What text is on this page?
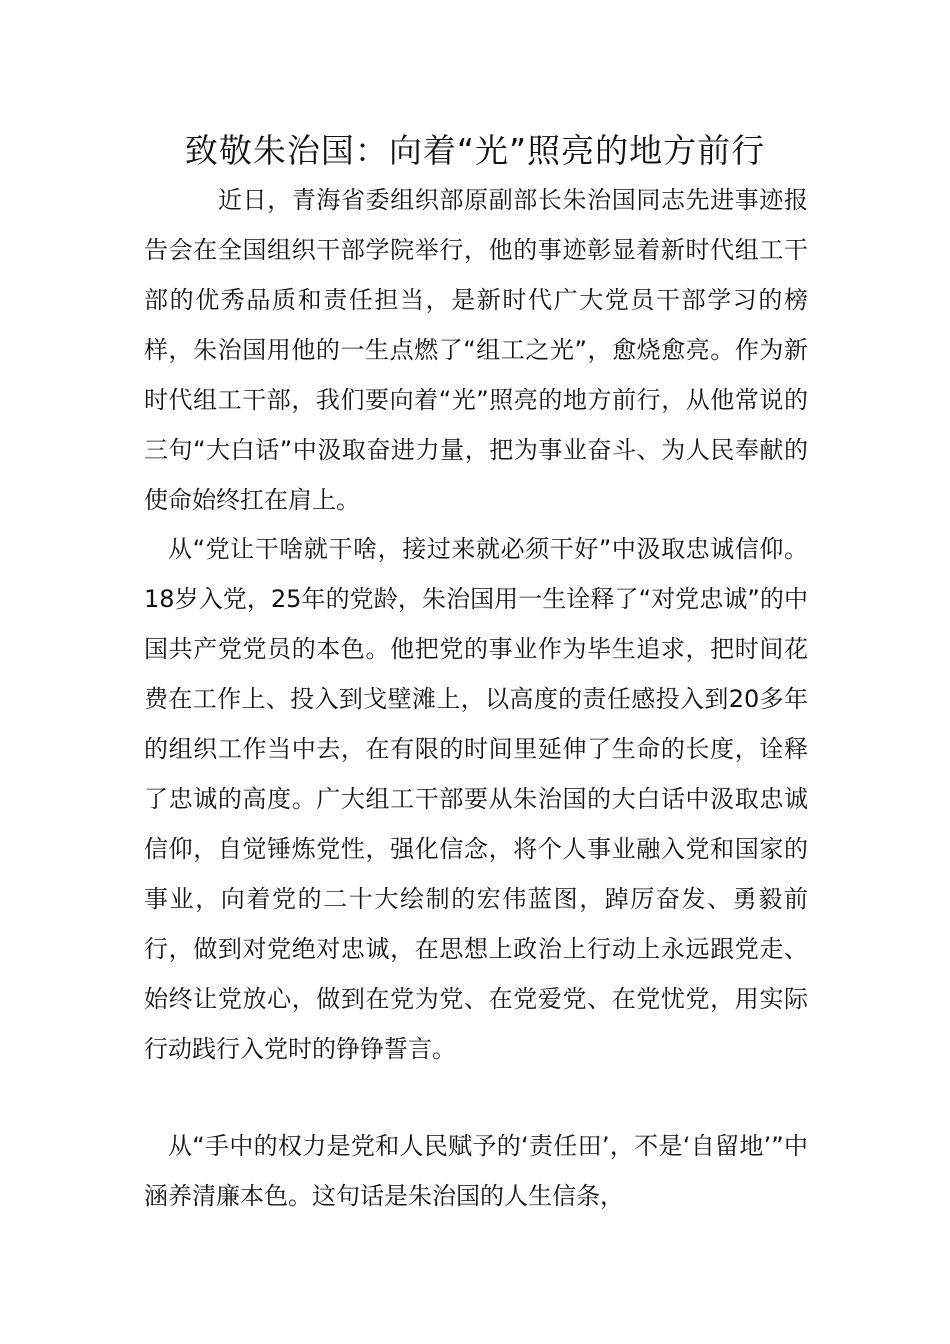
致敬朱治国：向着“光”照亮的地方前行

近日，青海省委组织部原副部长朱治国同志先进事迹报告会在全国组织干部学院举行，他的事迹彰显着新时代组工干部的优秀品质和责任担当，是新时代广大党员干部学习的榜样，朱治国用他的一生点燃了“组工之光”，愈烧愈亮。作为新时代组工干部，我们要向着“光”照亮的地方前行，从他常说的三句“大白话”中汲取奋进力量，把为事业奋斗、为人民奉献的使命始终扛在肩上。

从“党让干啥就干啥，接过来就必须干好”中汲取忠诚信仰。18岁入党，25年的党龄，朱治国用一生诠释了“对党忠诚”的中国共产党党员的本色。他把党的事业作为毕生追求，把时间花费在工作上、投入到戈壁滩上，以高度的责任感投入到20多年的组织工作当中去，在有限的时间里延伸了生命的长度，诠释了忠诚的高度。广大组工干部要从朱治国的大白话中汲取忠诚信仰，自觉锤炼党性，强化信念，将个人事业融入党和国家的事业，向着党的二十大绘制的宏伟蓝图，踔厉奋发、勇毅前行，做到对党绝对忠诚，在思想上政治上行动上永远跟党走、始终让党放心，做到在党为党、在党爱党、在党忧党，用实际行动践行入党时的铮铮誓言。

从“手中的权力是党和人民赋予的‘责任田’，不是‘自留地’”中涵养清廉本色。这句话是朱治国的人生信条，
